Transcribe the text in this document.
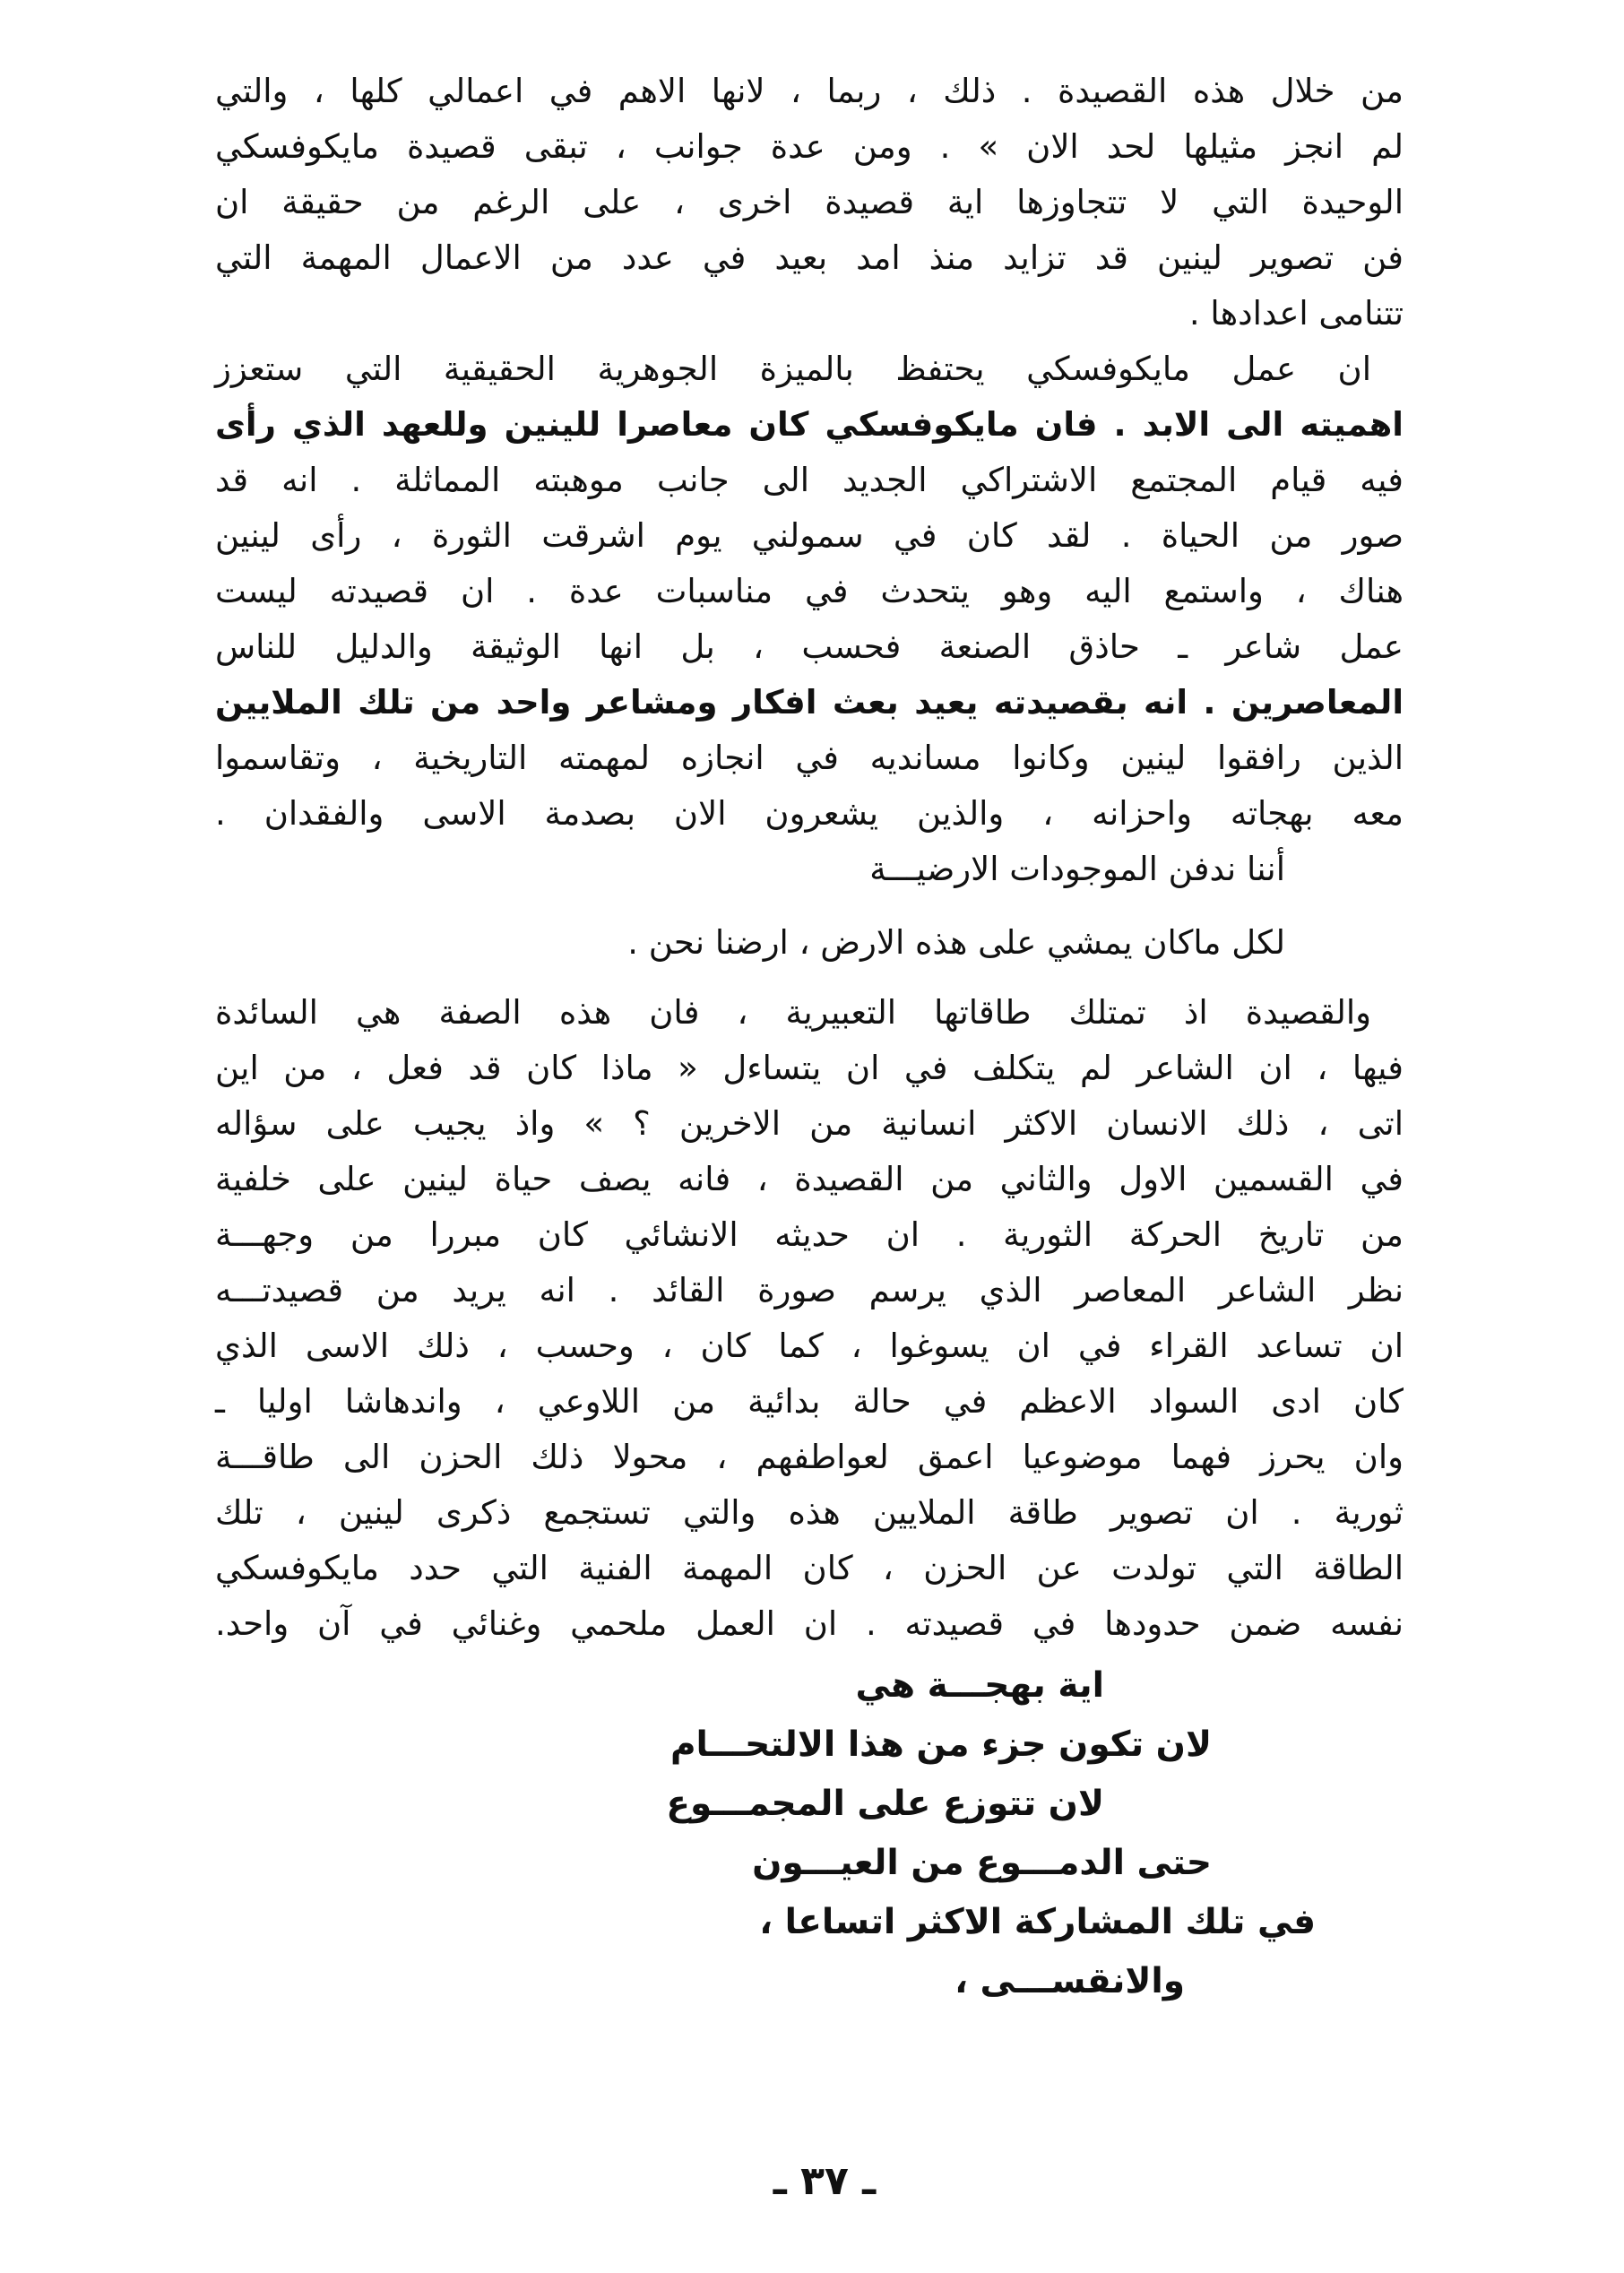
من خلال هذه القصيدة . ذلك ، ربما ، لانها الاهم في اعمالي كلها ، والتي
لم انجز مثيلها لحد الان » . ومن عدة جوانب ، تبقى قصيدة مايكوفسكي
الوحيدة التي لا تتجاوزها اية قصيدة اخرى ، على الرغم من حقيقة ان
فن تصوير لينين قد تزايد منذ امد بعيد في عدد من الاعمال المهمة التي
تتنامى اعدادها .
ان عمل مايكوفسكي يحتفظ بالميزة الجوهرية الحقيقية التي ستعزز
اهميته الى الابد . فان مايكوفسكي كان معاصرا للينين وللعهد الذي رأى
فيه قيام المجتمع الاشتراكي الجديد الى جانب موهبته المماثلة . انه قد
صور من الحياة . لقد كان في سمولني يوم اشرقت الثورة ، رأى لينين
هناك ، واستمع اليه وهو يتحدث في مناسبات عدة . ان قصيدته ليست
عمل شاعر ـ حاذق الصنعة فحسب ، بل انها الوثيقة والدليل للناس
المعاصرين . انه بقصيدته يعيد بعث افكار ومشاعر واحد من تلك الملايين
الذين رافقوا لينين وكانوا مسانديه في انجازه لمهمته التاريخية ، وتقاسموا
معه بهجاته واحزانه ، والذين يشعرون الان بصدمة الاسى والفقدان .
أننا ندفن الموجودات الارضيـــة
لكل ماكان يمشي على هذه الارض ، ارضنا نحن .
والقصيدة اذ تمتلك طاقاتها التعبيرية ، فان هذه الصفة هي السائدة
فيها ، ان الشاعر لم يتكلف في ان يتساءل « ماذا كان قد فعل ، من اين
اتى ، ذلك الانسان الاكثر انسانية من الاخرين ؟ » واذ يجيب على سؤاله
في القسمين الاول والثاني من القصيدة ، فانه يصف حياة لينين على خلفية
من تاريخ الحركة الثورية . ان حديثه الانشائي كان مبررا من وجهـــة
نظر الشاعر المعاصر الذي يرسم صورة القائد . انه يريد من قصيدتـــه
ان تساعد القراء في ان يسوغوا ، كما كان ، وحسب ، ذلك الاسى الذي
كان ادى السواد الاعظم في حالة بدائية من اللاوعي ، واندهاشا اوليا ـ
وان يحرز فهما موضوعيا اعمق لعواطفهم ، محولا ذلك الحزن الى طاقـــة
ثورية . ان تصوير طاقة الملايين هذه والتي تستجمع ذكرى لينين ، تلك
الطاقة التي تولدت عن الحزن ، كان المهمة الفنية التي حدد مايكوفسكي
نفسه ضمن حدودها في قصيدته . ان العمل ملحمي وغنائي في آن واحد.
اية بهجـــة هي
لان تكون جزء من هذا الالتحـــام
لان تتوزع على المجمـــوع
حتى الدمـــوع من العيـــون
في تلك المشاركة الاكثر اتساعا ،
والانقســـى ،
ـ ٣٧ ـ
